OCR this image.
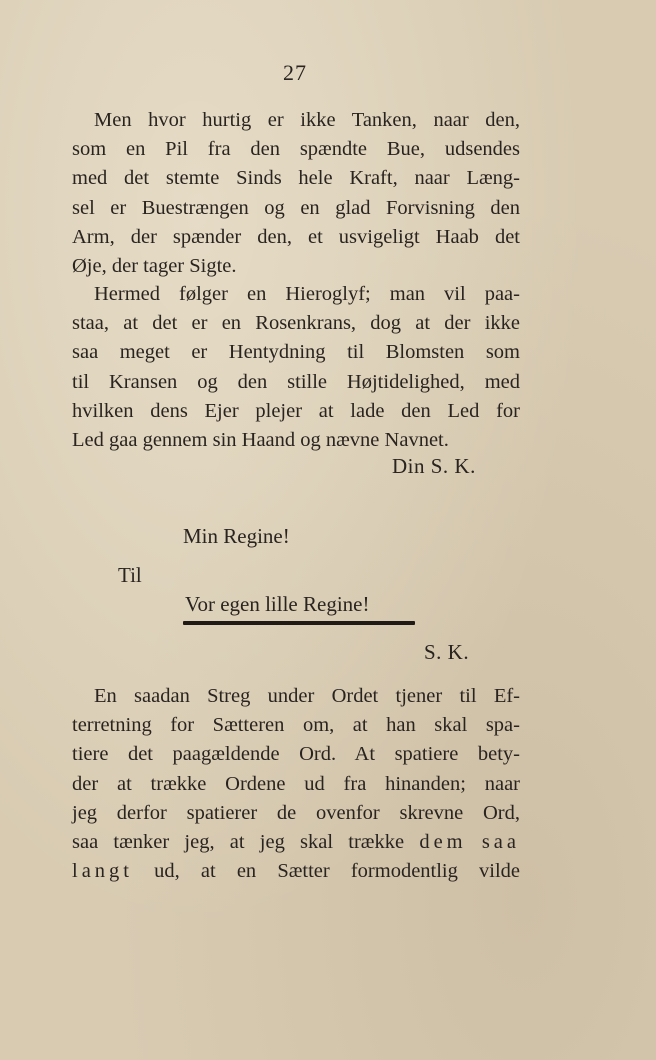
27
Men hvor hurtig er ikke Tanken, naar den,
som en Pil fra den spændte Bue, udsendes
med det stemte Sinds hele Kraft, naar Læng-
sel er Buestrængen og en glad Forvisning den
Arm, der spænder den, et usvigeligt Haab det
Øje, der tager Sigte.
Hermed følger en Hieroglyf; man vil paa-
staa, at det er en Rosenkrans, dog at der ikke
saa meget er Hentydning til Blomsten som
til Kransen og den stille Højtidelighed, med
hvilken dens Ejer plejer at lade den Led for
Led gaa gennem sin Haand og nævne Navnet.
Din S. K.
Min Regine!
Til
Vor egen lille Regine!
S. K.
En saadan Streg under Ordet tjener til Ef-
terretning for Sætteren om, at han skal spa-
tiere det paagældende Ord. At spatiere bety-
der at trække Ordene ud fra hinanden; naar
jeg derfor spatierer de ovenfor skrevne Ord,
saa tænker jeg, at jeg skal trække dem saa
langt ud, at en Sætter formodentlig vilde
